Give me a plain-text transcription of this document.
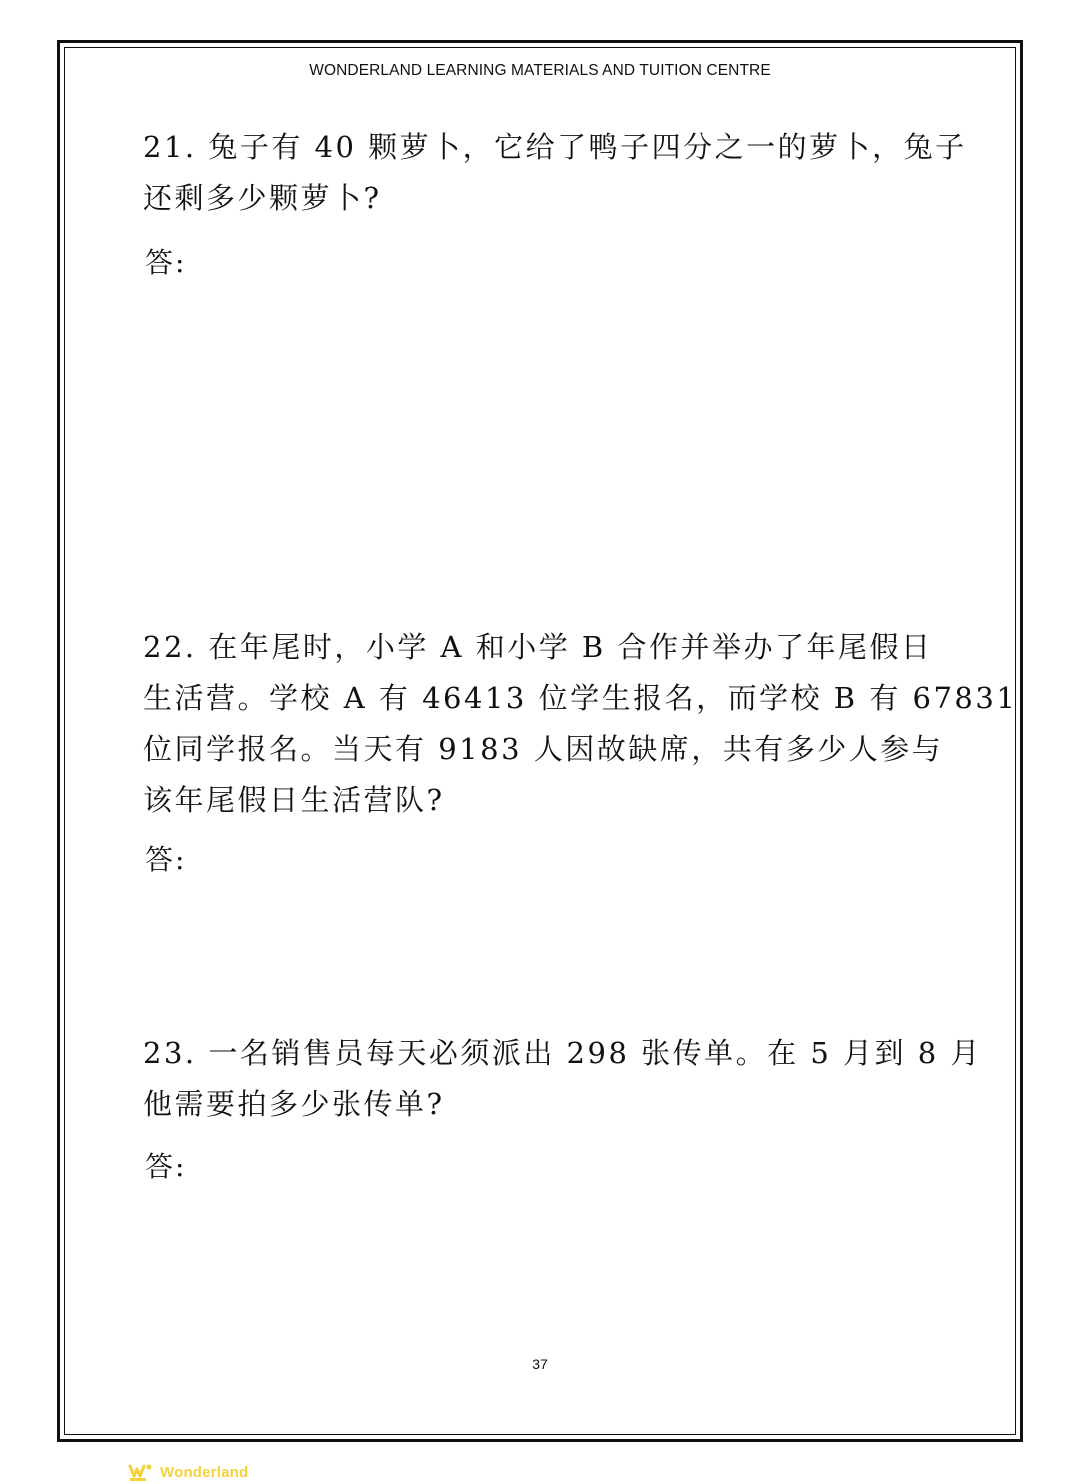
WONDERLAND LEARNING MATERIALS AND TUITION CENTRE
21. 兔子有 40 颗萝卜，它给了鸭子四分之一的萝卜，兔子
还剩多少颗萝卜?
答:
22. 在年尾时，小学 A 和小学 B 合作并举办了年尾假日
生活营。学校 A 有 46413 位学生报名，而学校 B 有 67831
位同学报名。当天有 9183 人因故缺席，共有多少人参与
该年尾假日生活营队?
答:
23. 一名销售员每天必须派出 298 张传单。在 5 月到 8 月
他需要拍多少张传单?
答:
37
Wonderland
